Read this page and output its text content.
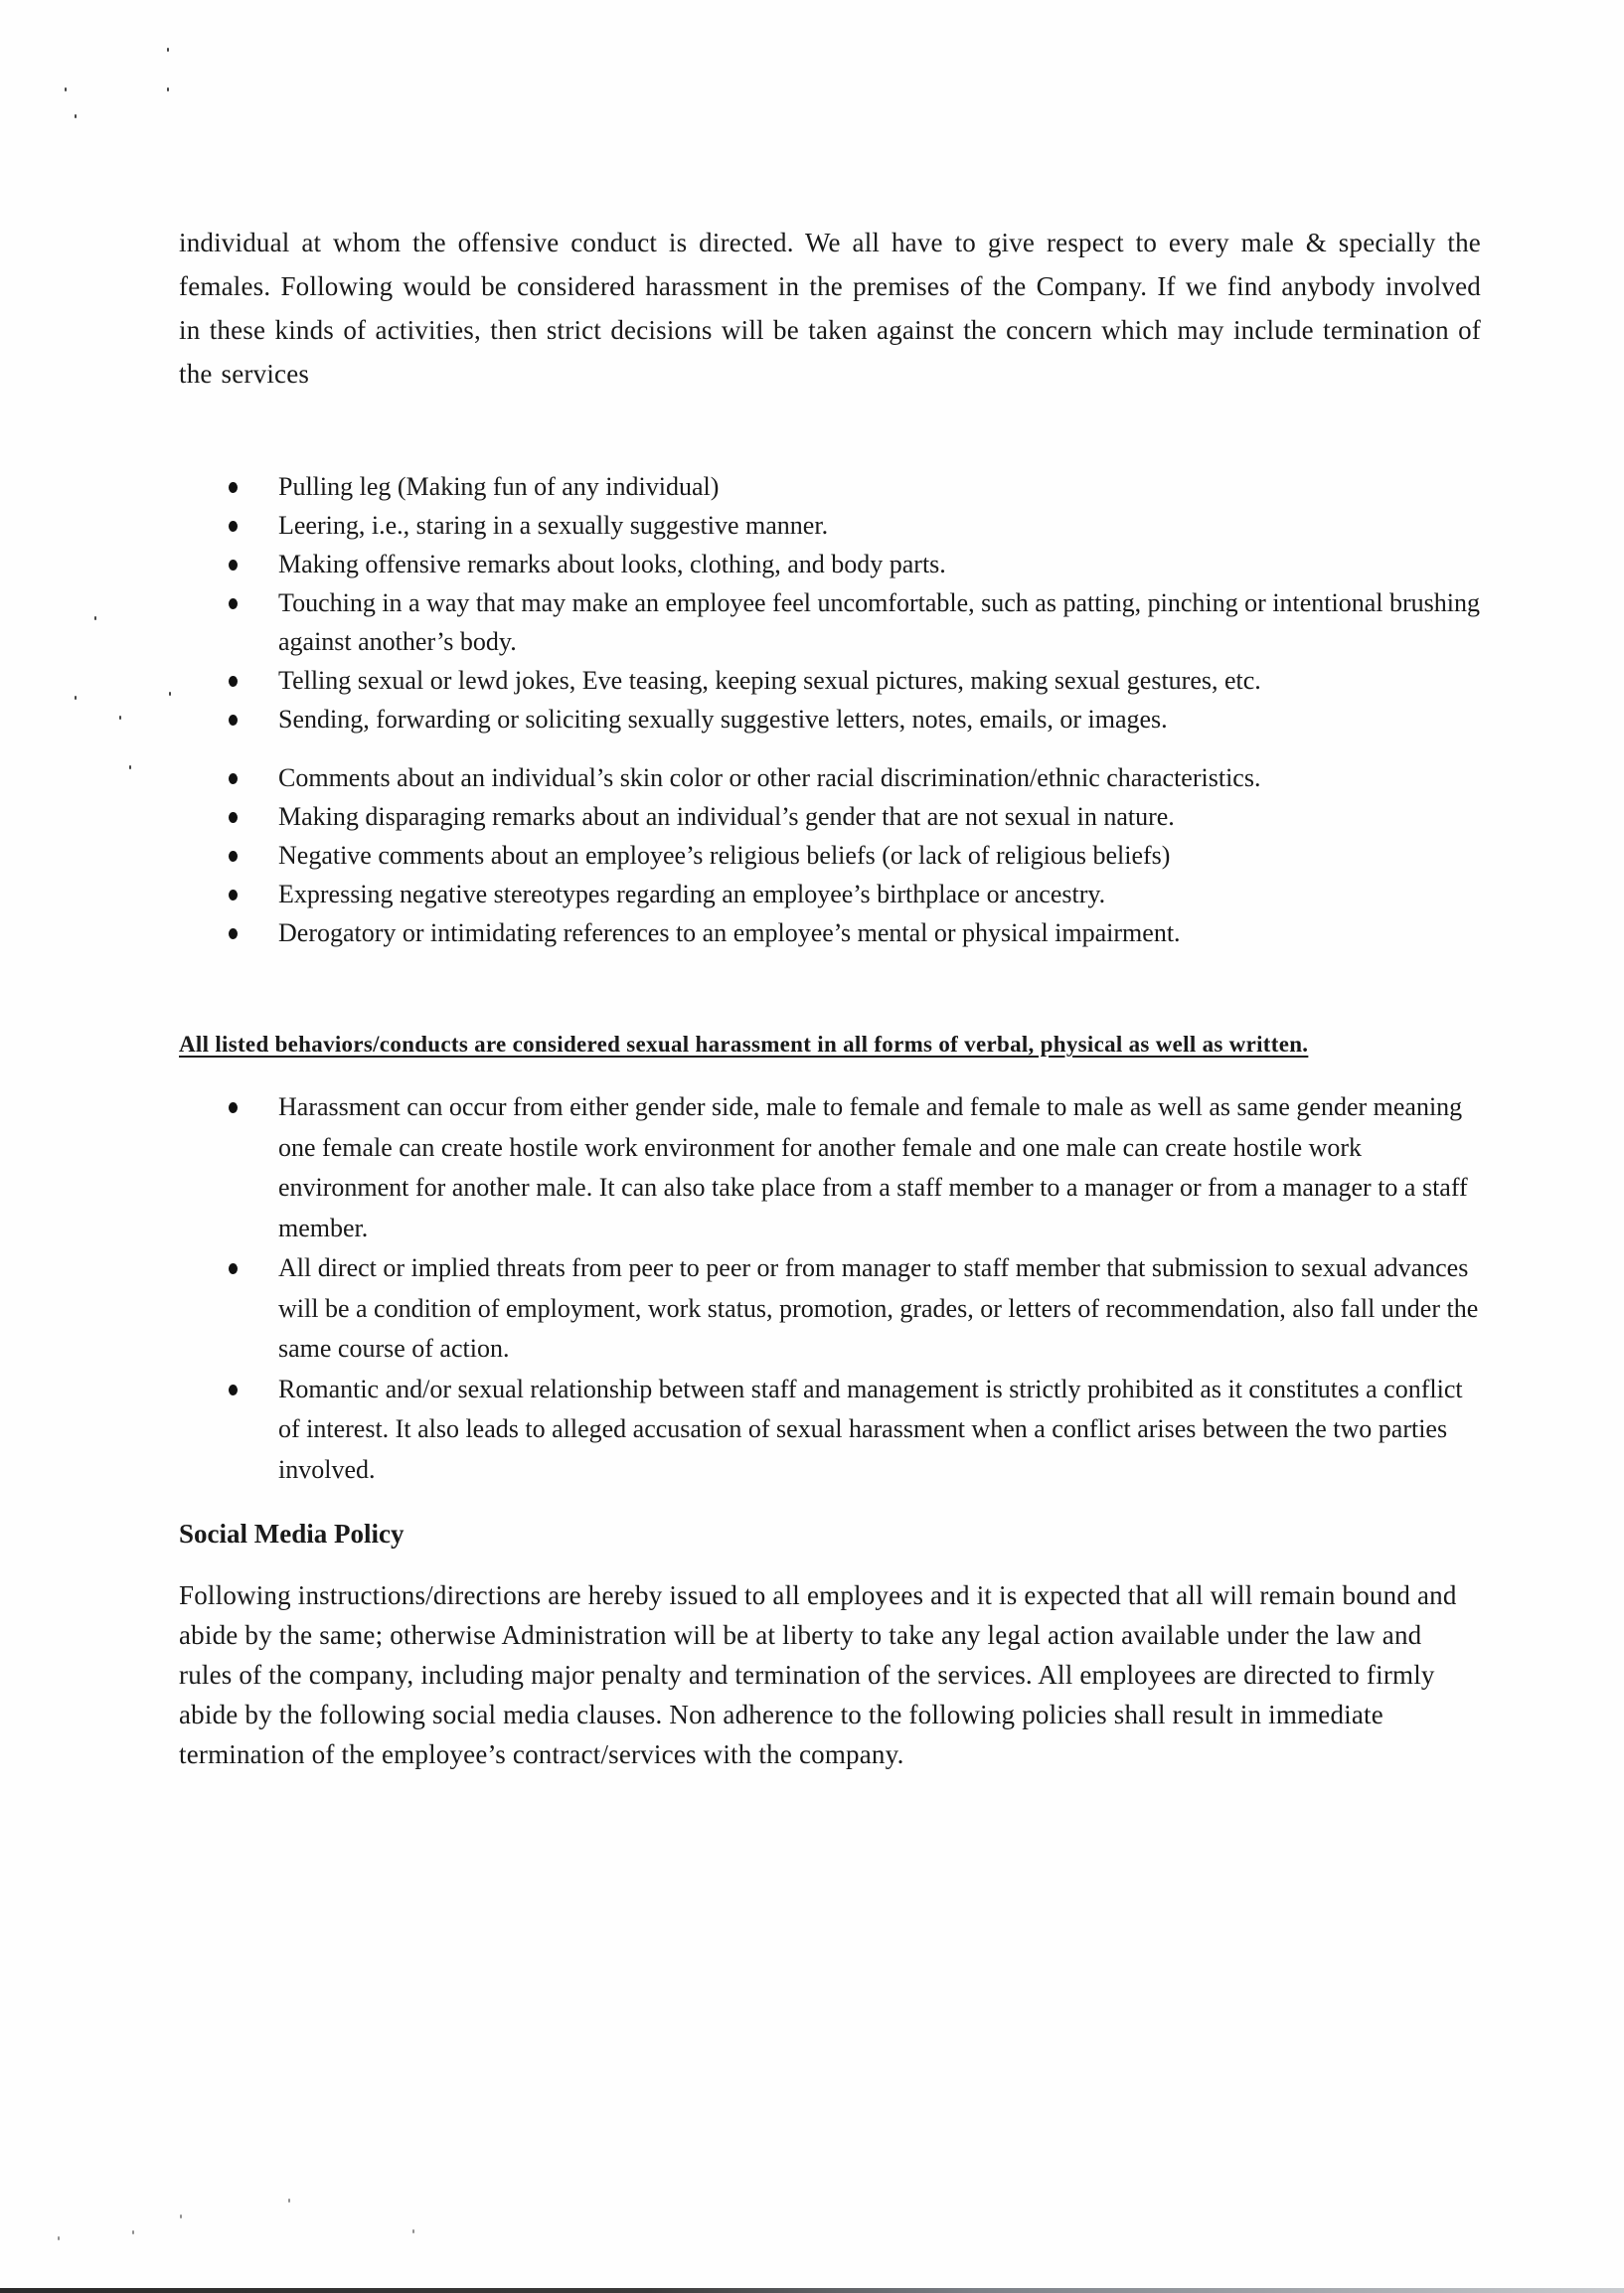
individual at whom the offensive conduct is directed. We all have to give respect to every male & specially the females. Following would be considered harassment in the premises of the Company. If we find anybody involved in these kinds of activities, then strict decisions will be taken against the concern which may include termination of the services

Pulling leg (Making fun of any individual)
Leering, i.e., staring in a sexually suggestive manner.
Making offensive remarks about looks, clothing, and body parts.
Touching in a way that may make an employee feel uncomfortable, such as patting, pinching or intentional brushing against another’s body.
Telling sexual or lewd jokes, Eve teasing, keeping sexual pictures, making sexual gestures, etc.
Sending, forwarding or soliciting sexually suggestive letters, notes, emails, or images.
Comments about an individual’s skin color or other racial discrimination/ethnic characteristics.
Making disparaging remarks about an individual’s gender that are not sexual in nature.
Negative comments about an employee’s religious beliefs (or lack of religious beliefs)
Expressing negative stereotypes regarding an employee’s birthplace or ancestry.
Derogatory or intimidating references to an employee’s mental or physical impairment.

All listed behaviors/conducts are considered sexual harassment in all forms of verbal, physical as well as written.

Harassment can occur from either gender side, male to female and female to male as well as same gender meaning one female can create hostile work environment for another female and one male can create hostile work environment for another male. It can also take place from a staff member to a manager or from a manager to a staff member.
All direct or implied threats from peer to peer or from manager to staff member that submission to sexual advances will be a condition of employment, work status, promotion, grades, or letters of recommendation, also fall under the same course of action.
Romantic and/or sexual relationship between staff and management is strictly prohibited as it constitutes a conflict of interest. It also leads to alleged accusation of sexual harassment when a conflict arises between the two parties involved.
Social Media Policy

Following instructions/directions are hereby issued to all employees and it is expected that all will remain bound and abide by the same; otherwise Administration will be at liberty to take any legal action available under the law and rules of the company, including major penalty and termination of the services. All employees are directed to firmly abide by the following social media clauses. Non adherence to the following policies shall result in immediate termination of the employee’s contract/services with the company.
